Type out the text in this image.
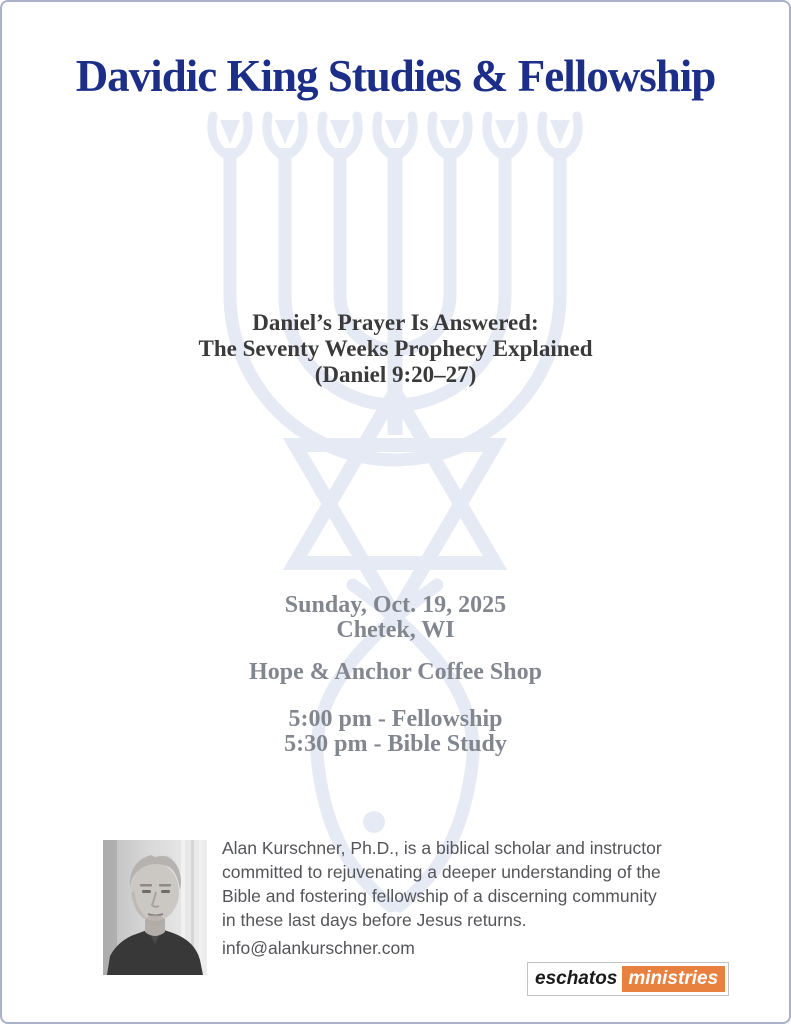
Davidic King Studies & Fellowship
Daniel’s Prayer Is Answered:
The Seventy Weeks Prophecy Explained
(Daniel 9:20–27)
Sunday, Oct. 19, 2025
Chetek, WI
Hope & Anchor Coffee Shop
5:00 pm - Fellowship
5:30 pm - Bible Study
Alan Kurschner, Ph.D., is a biblical scholar and instructor
committed to rejuvenating a deeper understanding of the
Bible and fostering fellowship of a discerning community
in these last days before Jesus returns.
info@alankurschner.com
eschatos ministries
